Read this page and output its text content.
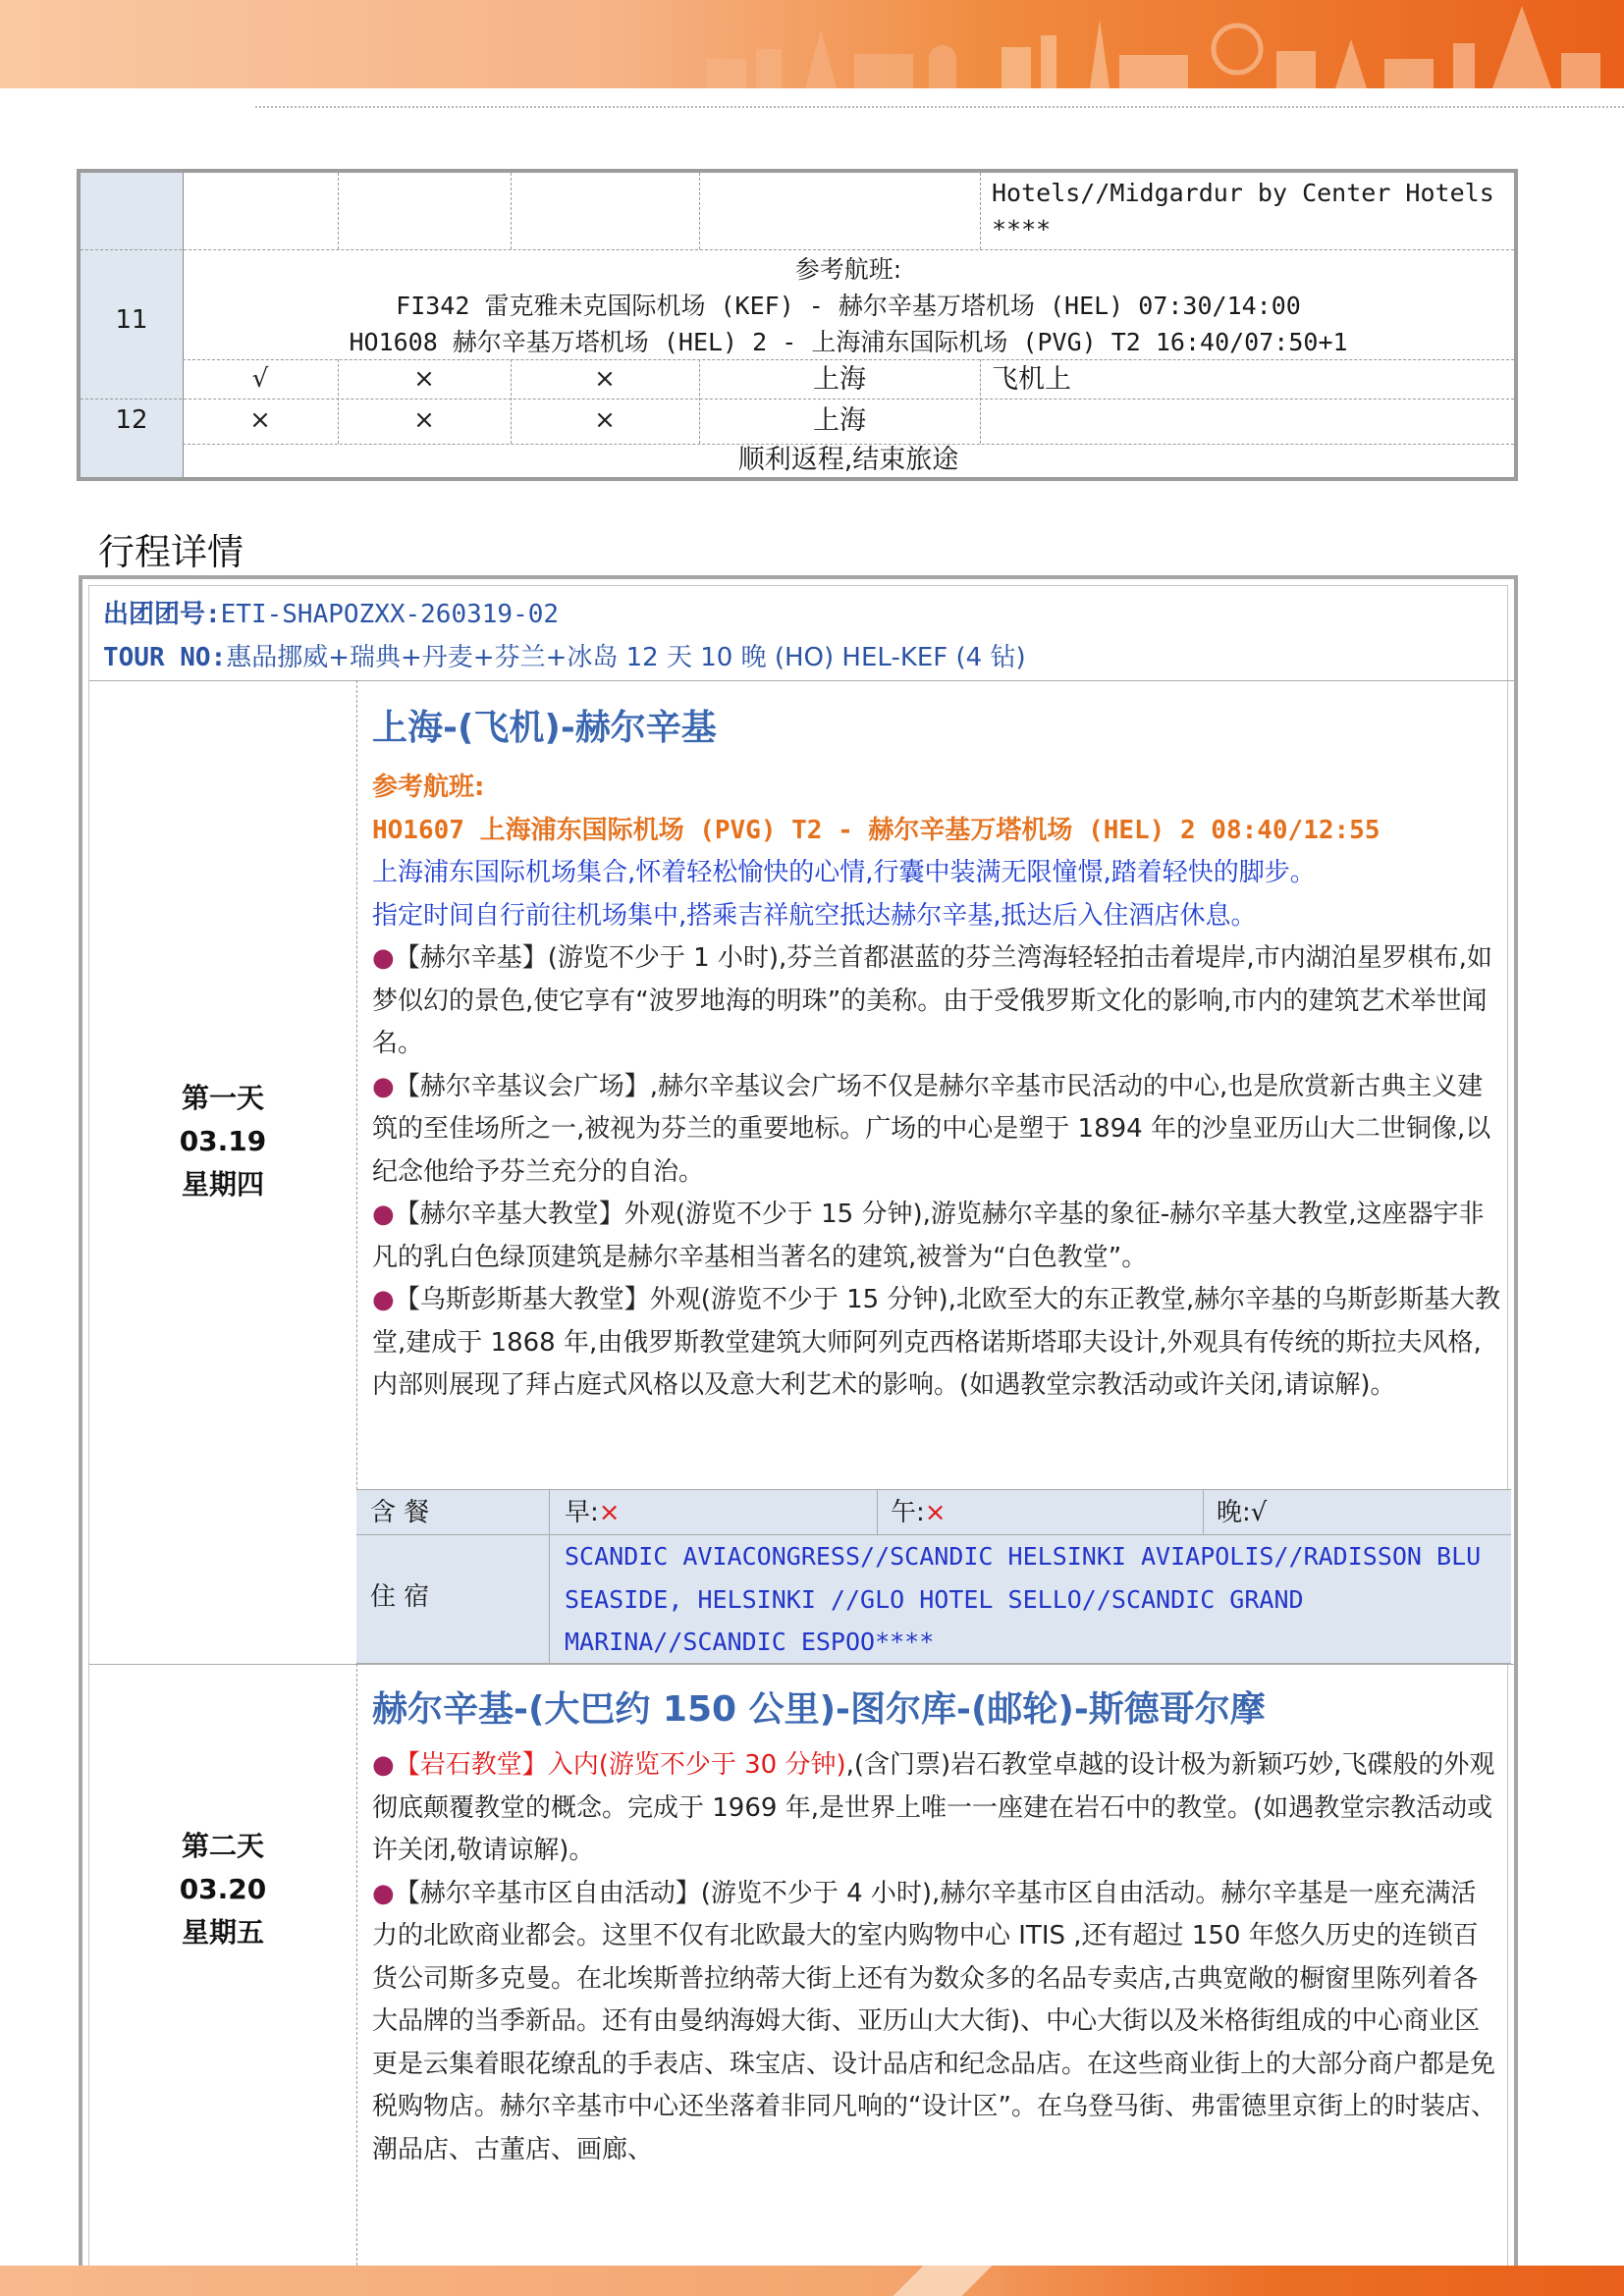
Hotels//Midgardur by Center Hotels ****
11
参考航班:
FI342 雷克雅未克国际机场 (KEF) - 赫尔辛基万塔机场 (HEL) 07:30/14:00
HO1608 赫尔辛基万塔机场 (HEL) 2 - 上海浦东国际机场 (PVG) T2 16:40/07:50+1
√	×	×	上海	飞机上
12	×	×	×	上海
顺利返程,结束旅途
行程详情
出团团号:ETI-SHAPOZXX-260319-02
TOUR NO:惠品挪威+瑞典+丹麦+芬兰+冰岛 12 天 10 晚 (HO) HEL-KEF (4 钻)
第一天
03.19
星期四
上海-(飞机)-赫尔辛基

参考航班:

HO1607 上海浦东国际机场 (PVG) T2 - 赫尔辛基万塔机场 (HEL) 2 08:40/12:55

上海浦东国际机场集合,怀着轻松愉快的心情,行囊中装满无限憧憬,踏着轻快的脚步。

指定时间自行前往机场集中,搭乘吉祥航空抵达赫尔辛基,抵达后入住酒店休息。

●【赫尔辛基】(游览不少于 1 小时),芬兰首都湛蓝的芬兰湾海轻轻拍击着堤岸,市内湖泊星罗棋布,如梦似幻的景色,使它享有“波罗地海的明珠”的美称。由于受俄罗斯文化的影响,市内的建筑艺术举世闻名。

●【赫尔辛基议会广场】,赫尔辛基议会广场不仅是赫尔辛基市民活动的中心,也是欣赏新古典主义建筑的至佳场所之一,被视为芬兰的重要地标。广场的中心是塑于 1894 年的沙皇亚历山大二世铜像,以纪念他给予芬兰充分的自治。

●【赫尔辛基大教堂】外观(游览不少于 15 分钟),游览赫尔辛基的象征-赫尔辛基大教堂,这座器宇非凡的乳白色绿顶建筑是赫尔辛基相当著名的建筑,被誉为“白色教堂”。

●【乌斯彭斯基大教堂】外观(游览不少于 15 分钟),北欧至大的东正教堂,赫尔辛基的乌斯彭斯基大教堂,建成于 1868 年,由俄罗斯教堂建筑大师阿列克西格诺斯塔耶夫设计,外观具有传统的斯拉夫风格,内部则展现了拜占庭式风格以及意大利艺术的影响。(如遇教堂宗教活动或许关闭,请谅解)。

含 餐	早:×	午:×	晚:√
住 宿
SCANDIC AVIACONGRESS//SCANDIC HELSINKI AVIAPOLIS//RADISSON BLU SEASIDE, HELSINKI //GLO HOTEL SELLO//SCANDIC GRAND MARINA//SCANDIC ESPOO****
第二天
03.20
星期五
赫尔辛基-(大巴约 150 公里)-图尔库-(邮轮)-斯德哥尔摩

●【岩石教堂】入内(游览不少于 30 分钟),(含门票)岩石教堂卓越的设计极为新颖巧妙,飞碟般的外观彻底颠覆教堂的概念。完成于 1969 年,是世界上唯一一座建在岩石中的教堂。(如遇教堂宗教活动或许关闭,敬请谅解)。

●【赫尔辛基市区自由活动】(游览不少于 4 小时),赫尔辛基市区自由活动。赫尔辛基是一座充满活力的北欧商业都会。这里不仅有北欧最大的室内购物中心 ITIS ,还有超过 150 年悠久历史的连锁百货公司斯多克曼。在北埃斯普拉纳蒂大街上还有为数众多的名品专卖店,古典宽敞的橱窗里陈列着各大品牌的当季新品。还有由曼纳海姆大街、亚历山大大街)、中心大街以及米格街组成的中心商业区更是云集着眼花缭乱的手表店、珠宝店、设计品店和纪念品店。在这些商业街上的大部分商户都是免税购物店。赫尔辛基市中心还坐落着非同凡响的“设计区”。在乌登马街、弗雷德里京街上的时装店、潮品店、古董店、画廊、
